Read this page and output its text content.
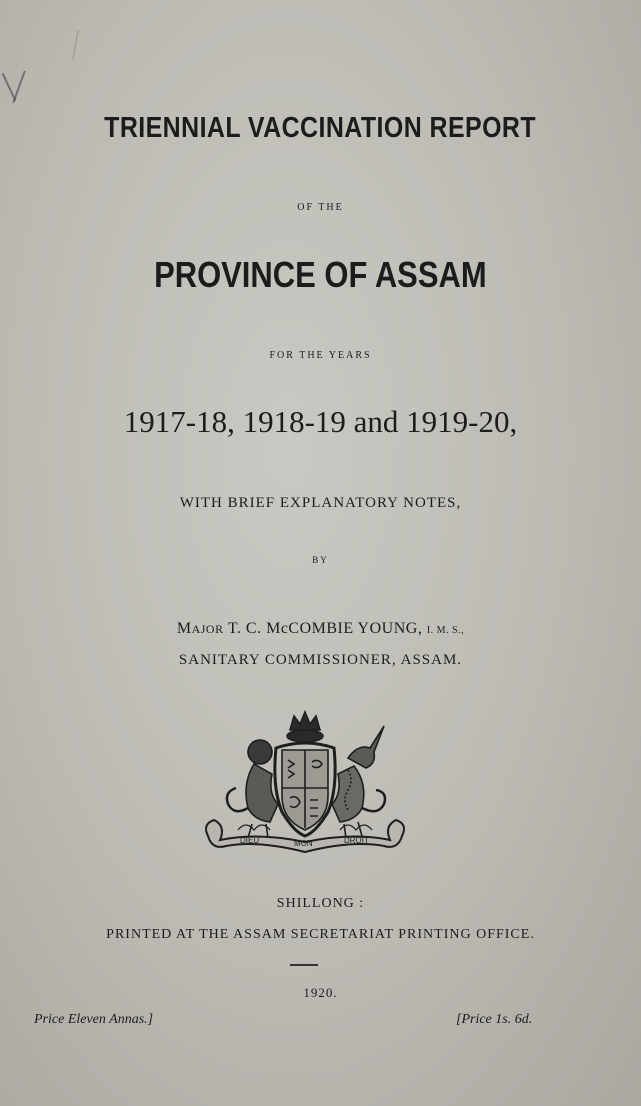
TRIENNIAL VACCINATION REPORT
OF THE
PROVINCE OF ASSAM
FOR THE YEARS
1917-18, 1918-19 and 1919-20,
WITH BRIEF EXPLANATORY NOTES,
BY
MAJOR T. C. McCOMBIE YOUNG, I. M. S.,
SANITARY COMMISSIONER, ASSAM.
DIEU	MON	DROIT
SHILLONG :
PRINTED AT THE ASSAM SECRETARIAT PRINTING OFFICE.
1920.
Price Eleven Annas.]	[Price 1s. 6d.
